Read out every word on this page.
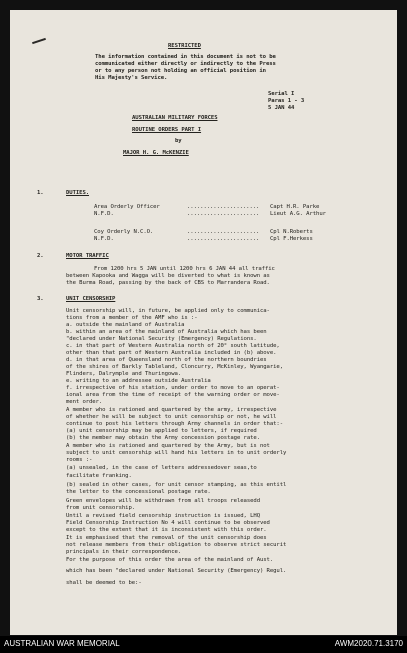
RESTRICTED
The information contained in this document is not to be
communicated either directly or indirectly to the Press
or to any person not holding an official position in
His Majesty's Service.
Serial I
Paras 1 - 3
5 JAN 44
AUSTRALIAN MILITARY FORCES
ROUTINE ORDERS PART I
by
MAJOR H. G. McKENZIE
1.	DUTIES.
Area Orderly Officer	...................... Capt H.R. Parke
N.F.D.	...................... Lieut A.G. Arthur
Coy Orderly N.C.O.	...................... Cpl N.Roberts
N.F.D.	...................... Cpl F.Herkess
2.	MOTOR TRAFFIC
From 1200 hrs 5 JAN until 1200 hrs 6 JAN 44 all traffic
between Kapooka and Wagga will be diverted to what is known as
the Burma Road, passing by the back of CBS to Marrandera Road.
3.	UNIT CENSORSHIP
Unit censorship will, in future, be applied only to communica-
tions from a member of the AMF who is :-
a. outside the mainland of Australia
b. within an area of the mainland of Australia which has been
"declared under National Security (Emergency) Regulations.
c. in that part of Western Australia north of 20° south latitude,
other than that part of Western Australia included in (b) above.
d. in that area of Queensland north of the northern boundries
of the shires of Barkly Tableland, Cloncurry, McKinley, Wyangarie,
Flinders, Dalrymple and Thuringowa.
e. writing to an addressee outside Australia
f. irrespective of his station, under order to move to an operat-
ional area from the time of receipt of the warning order or move-
ment order.
A member who is rationed and quartered by the army, irrespective
of whether he will be subject to unit censorship or not, he will
continue to post his letters through Army channels in order that:-
(a) unit censorship may be applied to letters, if required
(b) the member may obtain the Army concession postage rate.
A member who is rationed and quartered by the Army, but is not
subject to unit censorship will hand his letters in to unit orderly
rooms :-
(a) unsealed, in the case of letters addressedover seas,to
facilitate franking.
(b) sealed in other cases, for unit censor stamping, as this entitl
the letter to the concessional postage rate.
Green envelopes will be withdrawn from all troops releasedd
from unit censorship.
Until a revised field censorship instruction is issued, LHQ
Field Censorship Instruction No 4 will continue to be observed
except to the extent that it is inconsistent with this order.
It is emphasised that the removal of the unit censorship does
not release members from their obligation to observe strict securit
principals in their correspondence.
For the purpose of this order the area of the mainland of Aust.
which has been "declared under National Security (Emergency) Regul.
shall be deemed to be:-
AUSTRALIAN WAR MEMORIAL	AWM2020.71.3170
